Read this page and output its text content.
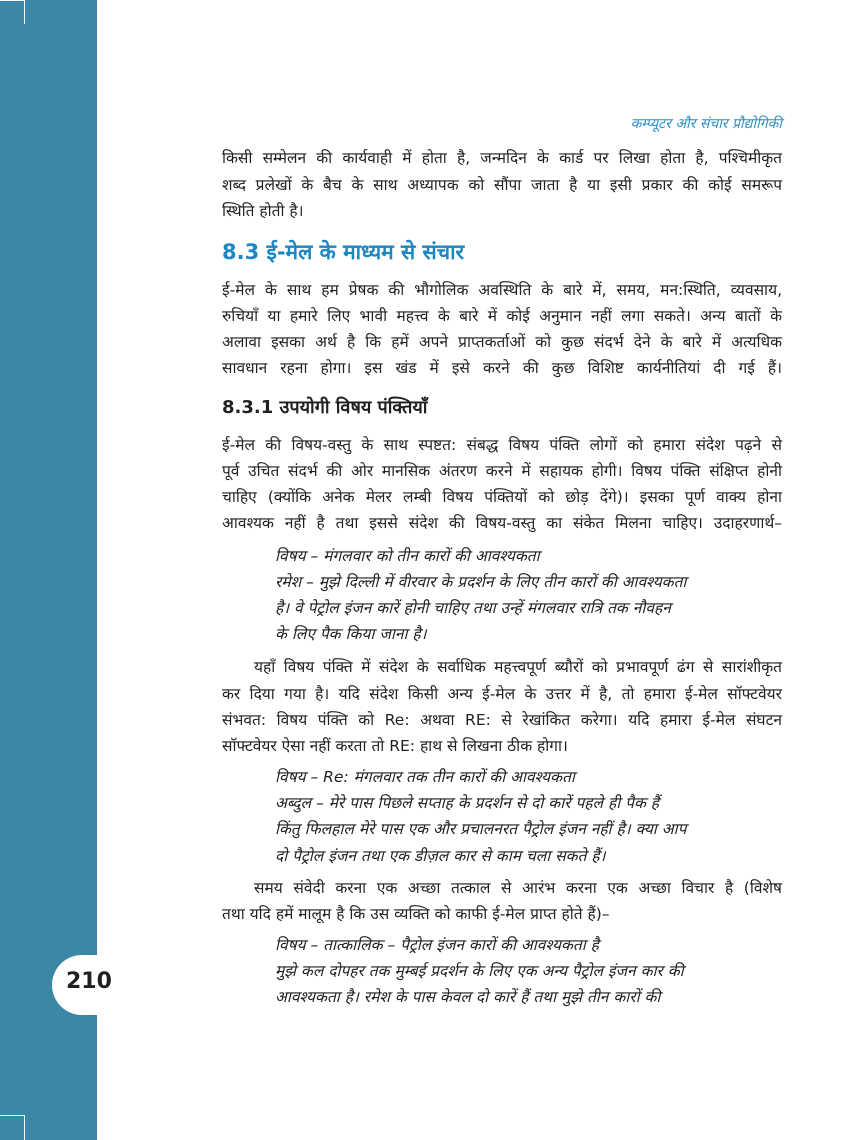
210
कम्प्यूटर और संचार प्रौद्योगिकी
किसी सम्मेलन की कार्यवाही में होता है, जन्मदिन के कार्ड पर लिखा होता है, पश्चिमीकृत
शब्द प्रलेखों के बैच के साथ अध्यापक को सौंपा जाता है या इसी प्रकार की कोई समरूप
स्थिति होती है।
8.3 ई-मेल के माध्यम से संचार
ई-मेल के साथ हम प्रेषक की भौगोलिक अवस्थिति के बारे में, समय, मन:स्थिति, व्यवसाय,
रुचियाँ या हमारे लिए भावी महत्त्व के बारे में कोई अनुमान नहीं लगा सकते। अन्य बातों के
अलावा इसका अर्थ है कि हमें अपने प्राप्तकर्ताओं को कुछ संदर्भ देने के बारे में अत्यधिक
सावधान रहना होगा। इस खंड में इसे करने की कुछ विशिष्ट कार्यनीतियां दी गई हैं।
8.3.1 उपयोगी विषय पंक्तियाँ
ई-मेल की विषय-वस्तु के साथ स्पष्टत: संबद्ध विषय पंक्ति लोगों को हमारा संदेश पढ़ने से
पूर्व उचित संदर्भ की ओर मानसिक अंतरण करने में सहायक होगी। विषय पंक्ति संक्षिप्त होनी
चाहिए (क्योंकि अनेक मेलर लम्बी विषय पंक्तियों को छोड़ देंगे)। इसका पूर्ण वाक्य होना
आवश्यक नहीं है तथा इससे संदेश की विषय-वस्तु का संकेत मिलना चाहिए। उदाहरणार्थ–
विषय – मंगलवार को तीन कारों की आवश्यकता
रमेश – मुझे दिल्ली में वीरवार के प्रदर्शन के लिए तीन कारों की आवश्यकता
है। वे पेट्रोल इंजन कारें होनी चाहिए तथा उन्हें मंगलवार रात्रि तक नौवहन
के लिए पैक किया जाना है।
यहाँ विषय पंक्ति में संदेश के सर्वाधिक महत्त्वपूर्ण ब्यौरों को प्रभावपूर्ण ढंग से सारांशीकृत
कर दिया गया है। यदि संदेश किसी अन्य ई-मेल के उत्तर में है, तो हमारा ई-मेल सॉफ्टवेयर
संभवत: विषय पंक्ति को Re: अथवा RE: से रेखांकित करेगा। यदि हमारा ई-मेल संघटन
सॉफ्टवेयर ऐसा नहीं करता तो RE: हाथ से लिखना ठीक होगा।
विषय – Re: मंगलवार तक तीन कारों की आवश्यकता
अब्दुल – मेरे पास पिछले सप्ताह के प्रदर्शन से दो कारें पहले ही पैक हैं
किंतु फिलहाल मेरे पास एक और प्रचालनरत पैट्रोल इंजन नहीं है। क्या आप
दो पैट्रोल इंजन तथा एक डीज़ल कार से काम चला सकते हैं।
समय संवेदी करना एक अच्छा तत्काल से आरंभ करना एक अच्छा विचार है (विशेष
तथा यदि हमें मालूम है कि उस व्यक्ति को काफी ई-मेल प्राप्त होते हैं)–
विषय – तात्कालिक – पैट्रोल इंजन कारों की आवश्यकता है
मुझे कल दोपहर तक मुम्बई प्रदर्शन के लिए एक अन्य पैट्रोल इंजन कार की
आवश्यकता है। रमेश के पास केवल दो कारें हैं तथा मुझे तीन कारों की
